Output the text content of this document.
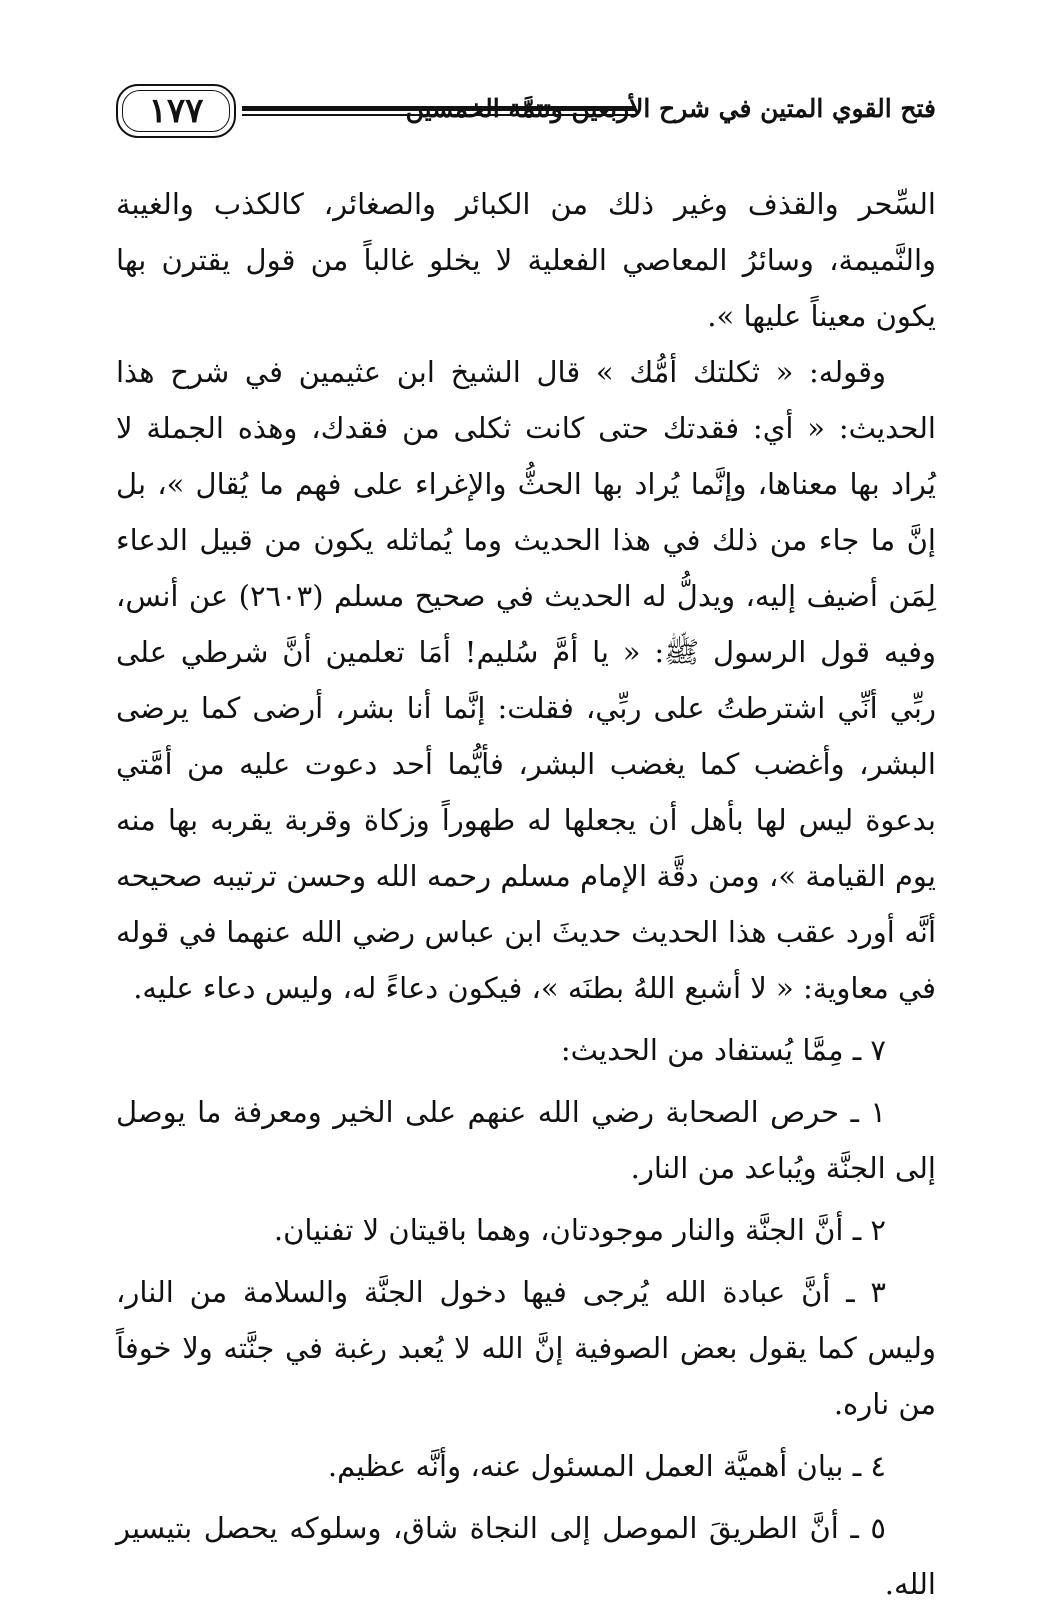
فتح القوي المتين في شرح الأربعين وتتمَّة الخمسين
١٧٧

السِّحر والقذف وغير ذلك من الكبائر والصغائر، كالكذب والغيبة والنَّميمة، وسائرُ المعاصي الفعلية لا يخلو غالباً من قول يقترن بها يكون معيناً عليها ».

وقوله: « ثكلتك أمُّك » قال الشيخ ابن عثيمين في شرح هذا الحديث: « أي: فقدتك حتى كانت ثكلى من فقدك، وهذه الجملة لا يُراد بها معناها، وإنَّما يُراد بها الحثُّ والإغراء على فهم ما يُقال »، بل إنَّ ما جاء من ذلك في هذا الحديث وما يُماثله يكون من قبيل الدعاء لِمَن أضيف إليه، ويدلُّ له الحديث في صحيح مسلم (٢٦٠٣) عن أنس، وفيه قول الرسول ﷺ: « يا أمَّ سُليم! أمَا تعلمين أنَّ شرطي على ربِّي أنِّي اشترطتُ على ربِّي، فقلت: إنَّما أنا بشر، أرضى كما يرضى البشر، وأغضب كما يغضب البشر، فأيُّما أحد دعوت عليه من أمَّتي بدعوة ليس لها بأهل أن يجعلها له طهوراً وزكاة وقربة يقربه بها منه يوم القيامة »، ومن دقَّة الإمام مسلم رحمه الله وحسن ترتيبه صحيحه أنَّه أورد عقب هذا الحديث حديثَ ابن عباس رضي الله عنهما في قوله في معاوية: « لا أشبع اللهُ بطنَه »، فيكون دعاءً له، وليس دعاء عليه.

٧ ـ مِمَّا يُستفاد من الحديث:

١ ـ حرص الصحابة رضي الله عنهم على الخير ومعرفة ما يوصل إلى الجنَّة ويُباعد من النار.

٢ ـ أنَّ الجنَّة والنار موجودتان، وهما باقيتان لا تفنيان.

٣ ـ أنَّ عبادة الله يُرجى فيها دخول الجنَّة والسلامة من النار، وليس كما يقول بعض الصوفية إنَّ الله لا يُعبد رغبة في جنَّته ولا خوفاً من ناره.

٤ ـ بيان أهميَّة العمل المسئول عنه، وأنَّه عظيم.

٥ ـ أنَّ الطريقَ الموصل إلى النجاة شاق، وسلوكه يحصل بتيسير الله.
